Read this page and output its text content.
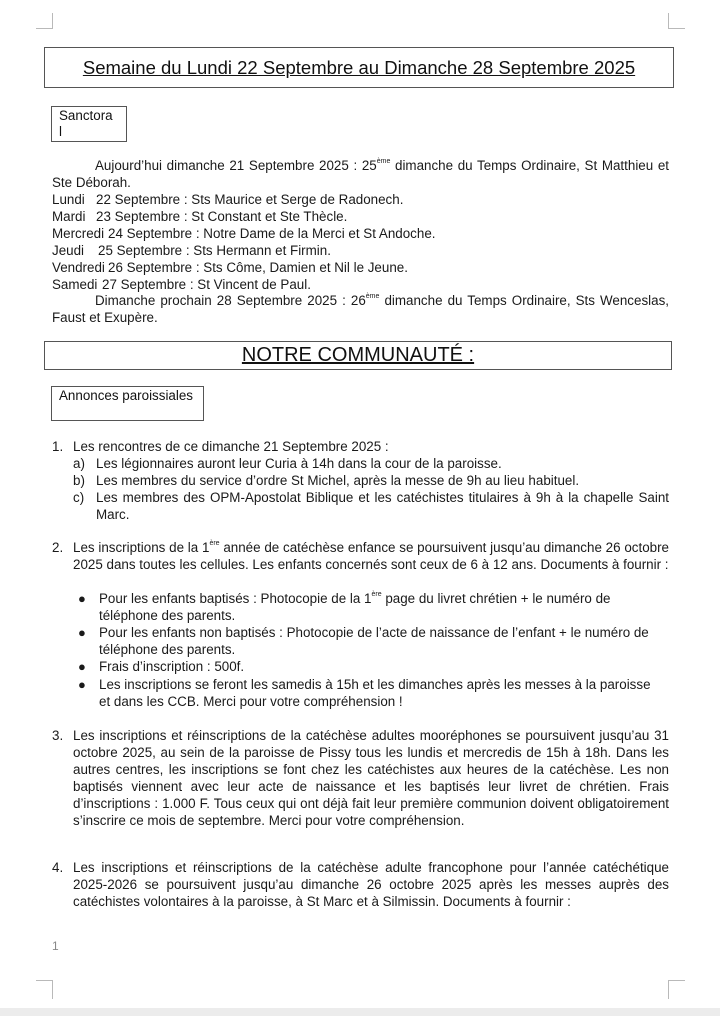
Semaine du Lundi 22 Septembre au Dimanche 28 Septembre 2025
Sanctora l
Aujourd’hui dimanche 21 Septembre 2025 : 25ème dimanche du Temps Ordinaire, St Matthieu et Ste Déborah.
Lundi 22 Septembre : Sts Maurice et Serge de Radonech.
Mardi 23 Septembre : St Constant et Ste Thècle.
Mercredi 24 Septembre : Notre Dame de la Merci et St Andoche.
Jeudi 25 Septembre : Sts Hermann et Firmin.
Vendredi 26 Septembre : Sts Côme, Damien et Nil le Jeune.
Samedi 27 Septembre : St Vincent de Paul.
Dimanche prochain 28 Septembre 2025 : 26ème dimanche du Temps Ordinaire, Sts Wenceslas, Faust et Exupère.
NOTRE COMMUNAUTÉ :
Annonces paroissiales
1. Les rencontres de ce dimanche 21 Septembre 2025 :
a) Les légionnaires auront leur Curia à 14h dans la cour de la paroisse.
b) Les membres du service d’ordre St Michel, après la messe de 9h au lieu habituel.
c) Les membres des OPM-Apostolat Biblique et les catéchistes titulaires à 9h à la chapelle Saint Marc.
2. Les inscriptions de la 1ère année de catéchèse enfance se poursuivent jusqu’au dimanche 26 octobre 2025 dans toutes les cellules. Les enfants concernés sont ceux de 6 à 12 ans. Documents à fournir :
● Pour les enfants baptisés : Photocopie de la 1ère page du livret chrétien + le numéro de téléphone des parents.
● Pour les enfants non baptisés : Photocopie de l’acte de naissance de l’enfant + le numéro de téléphone des parents.
● Frais d’inscription : 500f.
● Les inscriptions se feront les samedis à 15h et les dimanches après les messes à la paroisse et dans les CCB. Merci pour votre compréhension !
3. Les inscriptions et réinscriptions de la catéchèse adultes mooréphones se poursuivent jusqu’au 31 octobre 2025, au sein de la paroisse de Pissy tous les lundis et mercredis de 15h à 18h. Dans les autres centres, les inscriptions se font chez les catéchistes aux heures de la catéchèse. Les non baptisés viennent avec leur acte de naissance et les baptisés leur livret de chrétien. Frais d’inscriptions : 1.000 F. Tous ceux qui ont déjà fait leur première communion doivent obligatoirement s’inscrire ce mois de septembre. Merci pour votre compréhension.
4. Les inscriptions et réinscriptions de la catéchèse adulte francophone pour l’année catéchétique 2025-2026 se poursuivent jusqu’au dimanche 26 octobre 2025 après les messes auprès des catéchistes volontaires à la paroisse, à St Marc et à Silmissin. Documents à fournir :
1
